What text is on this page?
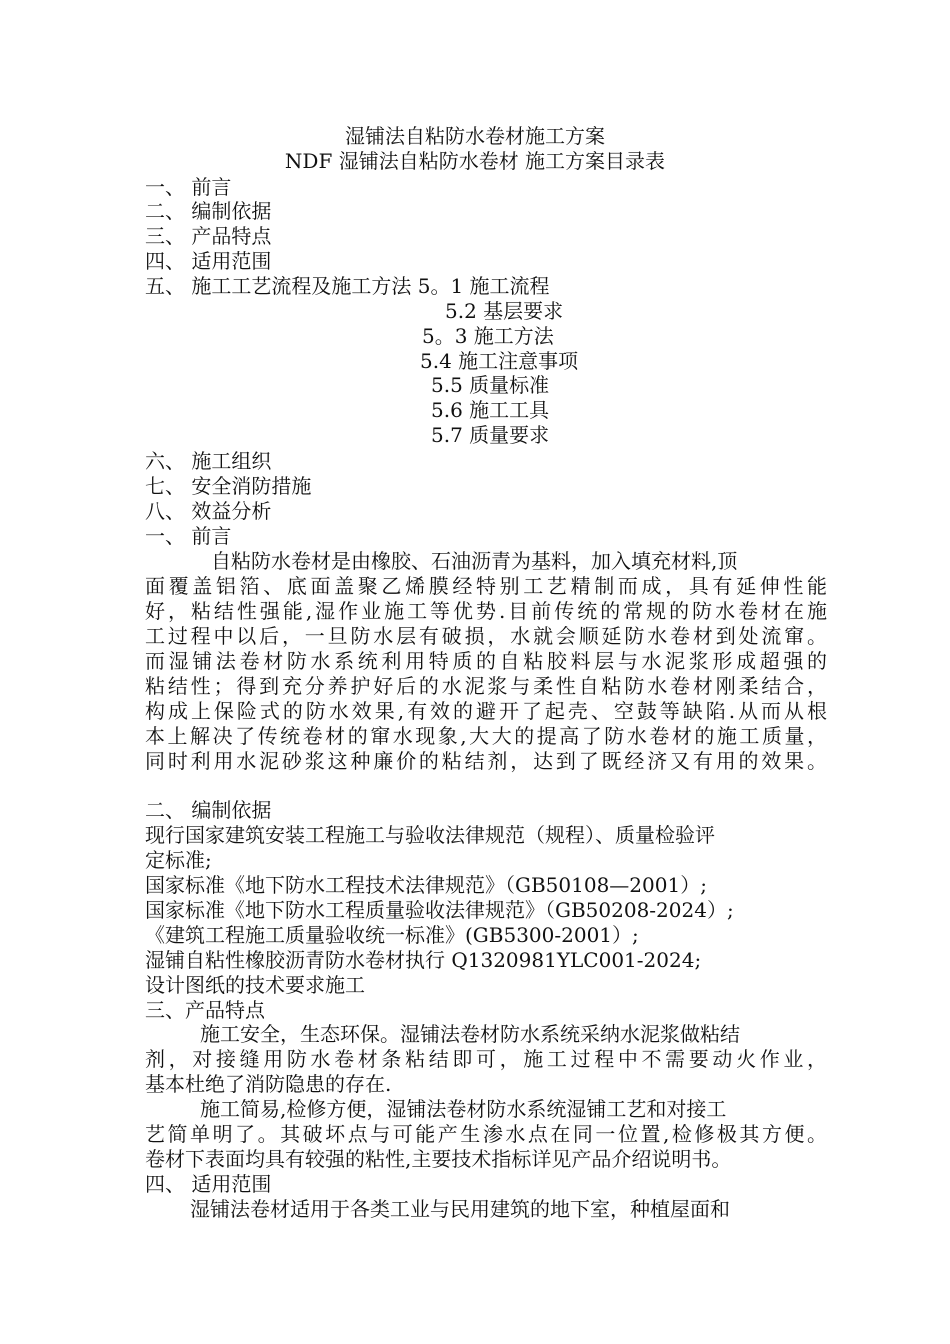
湿铺法自粘防水卷材施工方案
NDF 湿铺法自粘防水卷材 施工方案目录表
一、 前言
二、 编制依据
三、 产品特点
四、 适用范围
五、 施工工艺流程及施工方法 5。1 施工流程
5.2 基层要求
5。3 施工方法
5.4 施工注意事项
5.5 质量标准
5.6 施工工具
5.7 质量要求
六、 施工组织
七、 安全消防措施
八、 效益分析
一、 前言
自粘防水卷材是由橡胶、石油沥青为基料，加入填充材料,顶
面覆盖铝箔、底面盖聚乙烯膜经特别工艺精制而成，具有延伸性能
好，粘结性强能,湿作业施工等优势.目前传统的常规的防水卷材在施
工过程中以后，一旦防水层有破损，水就会顺延防水卷材到处流窜。
而湿铺法卷材防水系统利用特质的自粘胶料层与水泥浆形成超强的
粘结性；得到充分养护好后的水泥浆与柔性自粘防水卷材刚柔结合，
构成上保险式的防水效果,有效的避开了起壳、空鼓等缺陷.从而从根
本上解决了传统卷材的窜水现象,大大的提高了防水卷材的施工质量，
同时利用水泥砂浆这种廉价的粘结剂，达到了既经济又有用的效果。
二、 编制依据
现行国家建筑安装工程施工与验收法律规范（规程）、质量检验评
定标准;
国家标准《地下防水工程技术法律规范》（GB50108—2001）;
国家标准《地下防水工程质量验收法律规范》（GB50208-2024）;
《建筑工程施工质量验收统一标准》(GB5300-2001）;
湿铺自粘性橡胶沥青防水卷材执行 Q1320981YLC001-2024;
设计图纸的技术要求施工
三、产品特点
施工安全，生态环保。湿铺法卷材防水系统采纳水泥浆做粘结
剂，对接缝用防水卷材条粘结即可，施工过程中不需要动火作业，
基本杜绝了消防隐患的存在.
施工简易,检修方便，湿铺法卷材防水系统湿铺工艺和对接工
艺简单明了。其破坏点与可能产生渗水点在同一位置,检修极其方便。
卷材下表面均具有较强的粘性,主要技术指标详见产品介绍说明书。
四、 适用范围
湿铺法卷材适用于各类工业与民用建筑的地下室，种植屋面和
